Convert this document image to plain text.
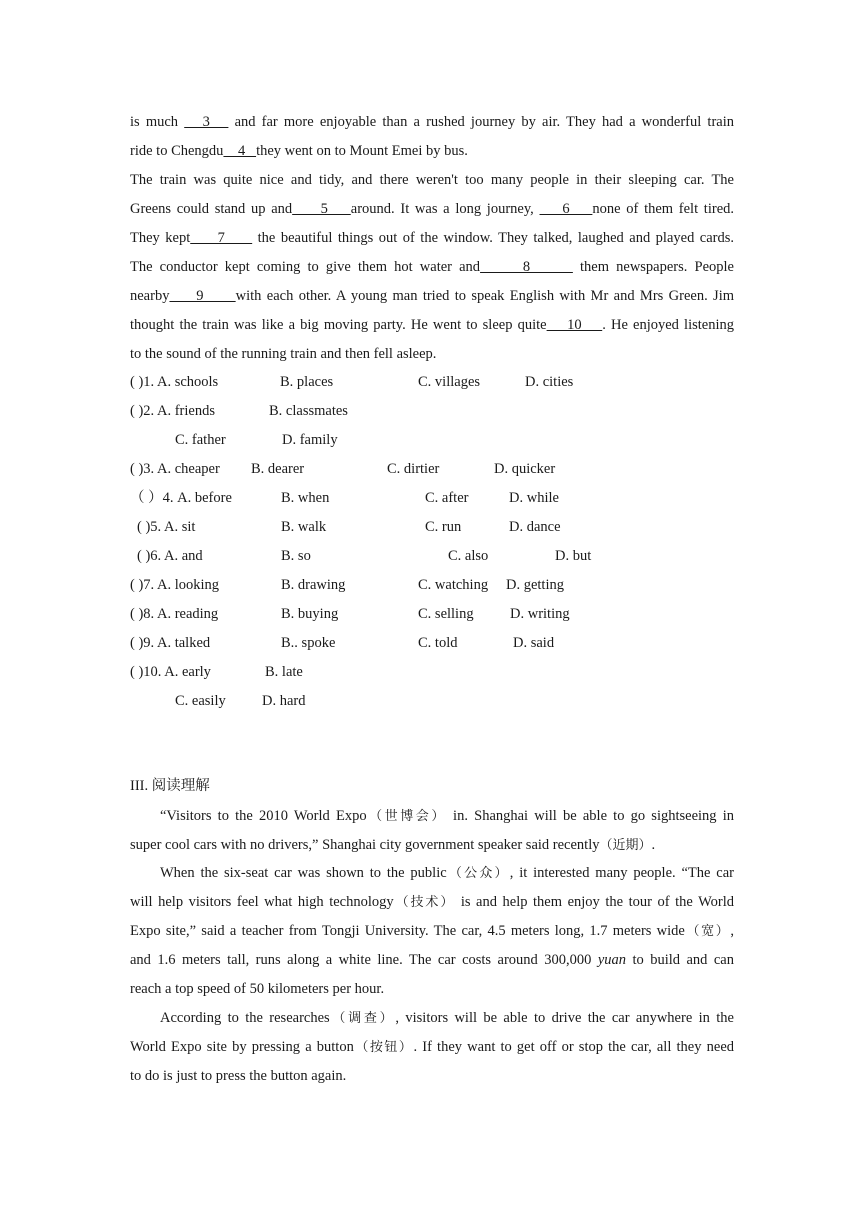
is much    3    and far more enjoyable than a rushed journey by air. They had a wonderful train
ride to Chengdu    4   they went on to Mount Emei by bus.
The train was quite nice and tidy, and there weren't too many people in their sleeping car. The
Greens could stand up and     5    around. It was a long journey,     6    none of them felt tired.
They kept     7      the beautiful things out of the window. They talked, laughed and played cards.
The conductor kept coming to give them hot water and      8       them newspapers. People
nearby     9      with each other. A young man tried to speak English with Mr and Mrs Green. Jim
thought the train was like a big moving party. He went to sleep quite    10    . He enjoyed listening
to the sound of the running train and then fell asleep.
( )1. A. schools	B. places	C. villages	D. cities
( )2. A. friends	B. classmates
C. father	D. family
( )3. A. cheaper B. dearer	C. dirtier	D. quicker
（ ）4. A. before	B. when	C. after	D. while
( )5. A. sit	B. walk	C. run	D. dance
( )6. A. and	B. so	C. also	D. but
( )7. A. looking	B. drawing	C. watching D. getting
( )8. A. reading	B. buying	C. selling	D. writing
( )9. A. talked	B.. spoke	C. told	D. said
( )10. A. early	B. late
C. easily	D. hard
III. 阅读理解
“Visitors to the 2010 World Expo（世博会） in. Shanghai will be able to go sightseeing in
super cool cars with no drivers,” Shanghai city government speaker said recently（近期）.
When the six-seat car was shown to the public（公众）, it interested many people. “The car
will help visitors feel what high technology（技术） is and help them enjoy the tour of the World
Expo site,” said a teacher from Tongji University. The car, 4.5 meters long, 1.7 meters wide（宽）,
and 1.6 meters tall, runs along a white line. The car costs around 300,000 yuan to build and can
reach a top speed of 50 kilometers per hour.
According to the researches（调查）, visitors will be able to drive the car anywhere in the
World Expo site by pressing a button（按钮）. If they want to get off or stop the car, all they need
to do is just to press the button again.
